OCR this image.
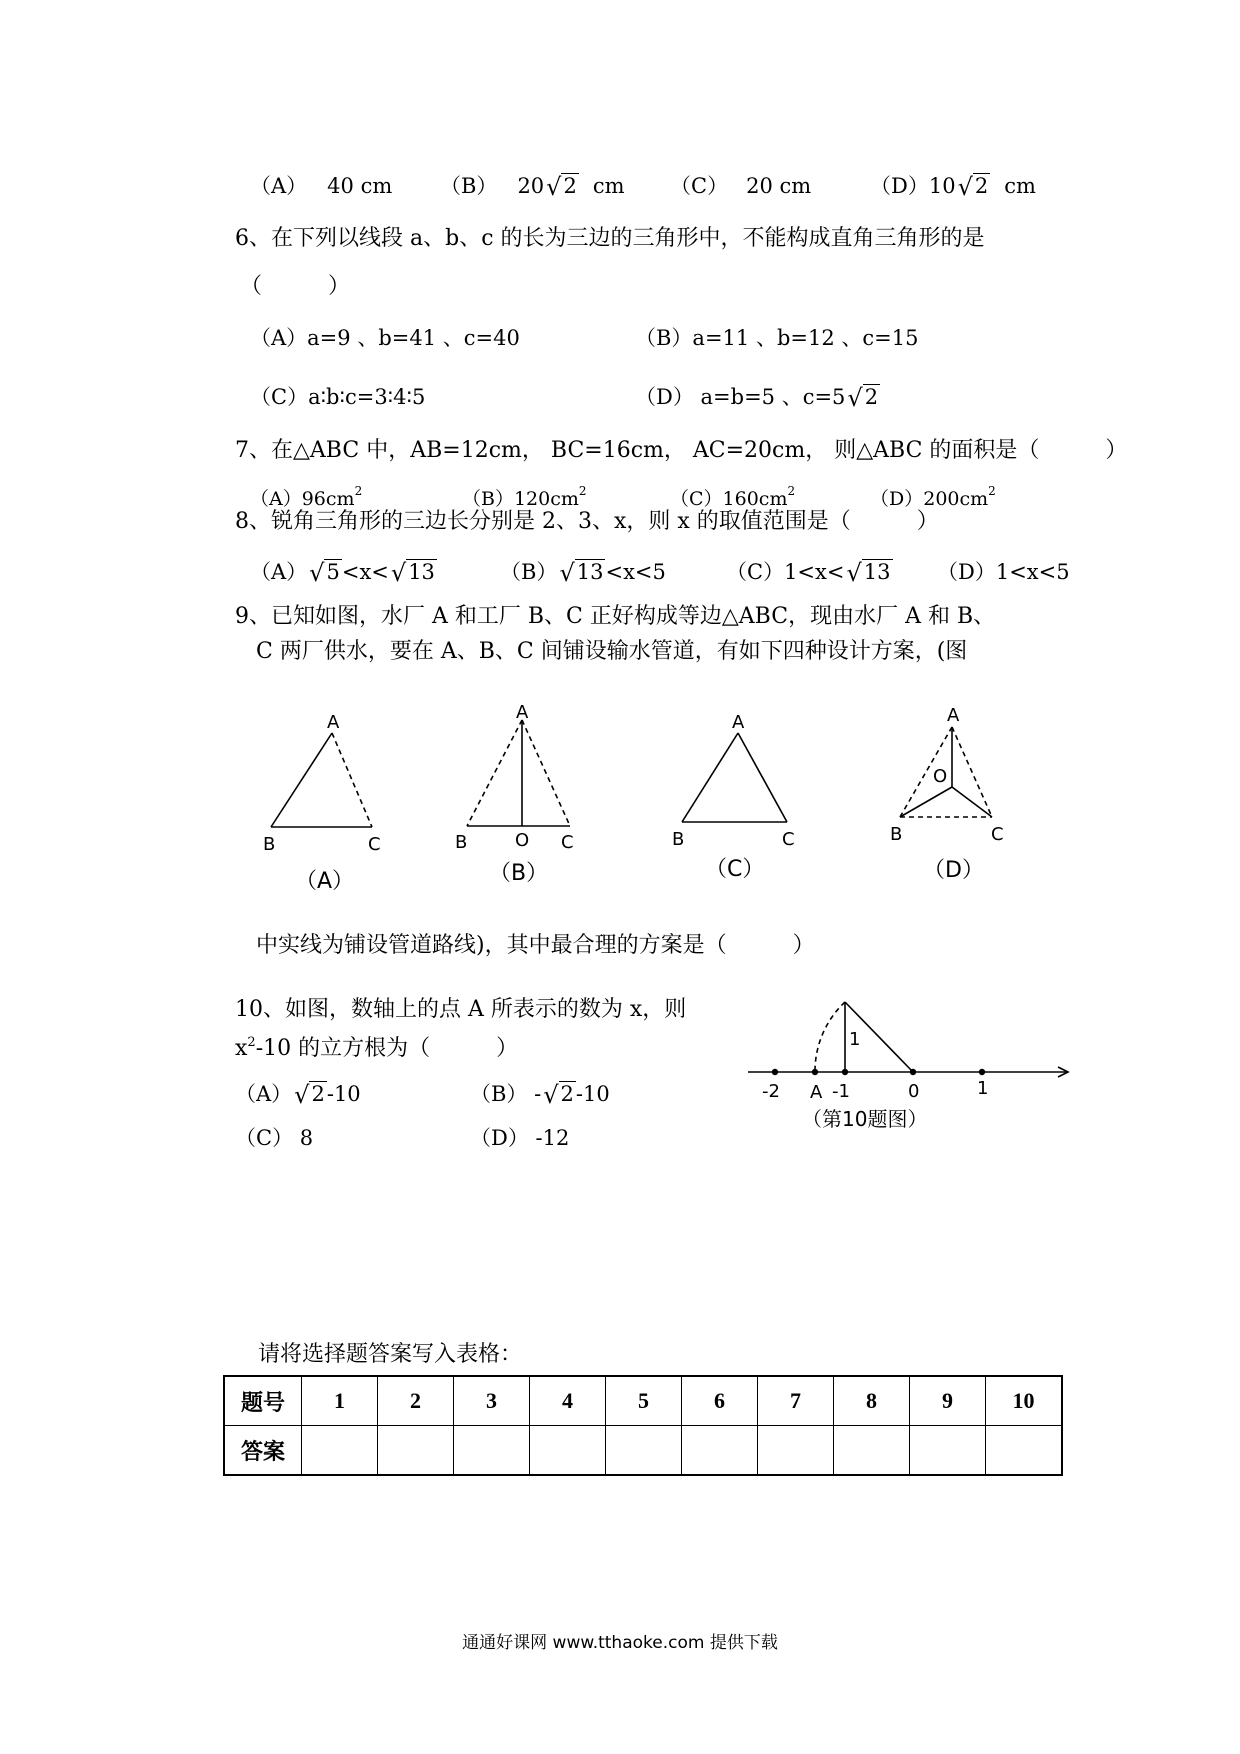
（A） 40 cm （B） 20√2 cm （C） 20 cm	（D）10√2 cm
6、在下列以线段 a、b、c 的长为三边的三角形中，不能构成直角三角形的是
（　　　）
（A）a=9 、b=41 、c=40	（B）a=11 、b=12 、c=15
（C）a∶b∶c=3∶4∶5	（D） a=b=5 、c=5√2
7、在△ABC 中，AB=12cm， BC=16cm， AC=20cm， 则△ABC 的面积是（　　　）
$(A)96cm^2$	$(B)120cm^2$	$(C)160cm^2$	$(D)200cm^2$
8、锐角三角形的三边长分别是 2、3、x，则 x 的取值范围是（　　　）
（A）√5<x<√13	（B）√13<x<5	（C）1<x<√13 （D）1<x<5
9、已知如图，水厂 A 和工厂 B、C 正好构成等边△ABC，现由水厂 A 和 B、
C 两厂供水，要在 A、B、C 间铺设输水管道，有如下四种设计方案，(图
A
B	C
A
B	O C
A
B	C
A
O
B	C
（A）	（B）	（C）	（D）
中实线为铺设管道路线)，其中最合理的方案是（　　　）
10、如图，数轴上的点 A 所表示的数为 x，则
$x^2-10$ 的立方根为（　　　）
（A）√2-10	（B） -√2-10
（C） 8	（D） -12
-2 A -1	0	1
1
（第10题图）
请将选择题答案写入表格：
题号	1	2	3	4	5	6	7	8	9	10
答案										
通通好课网 www.tthaoke.com 提供下载
